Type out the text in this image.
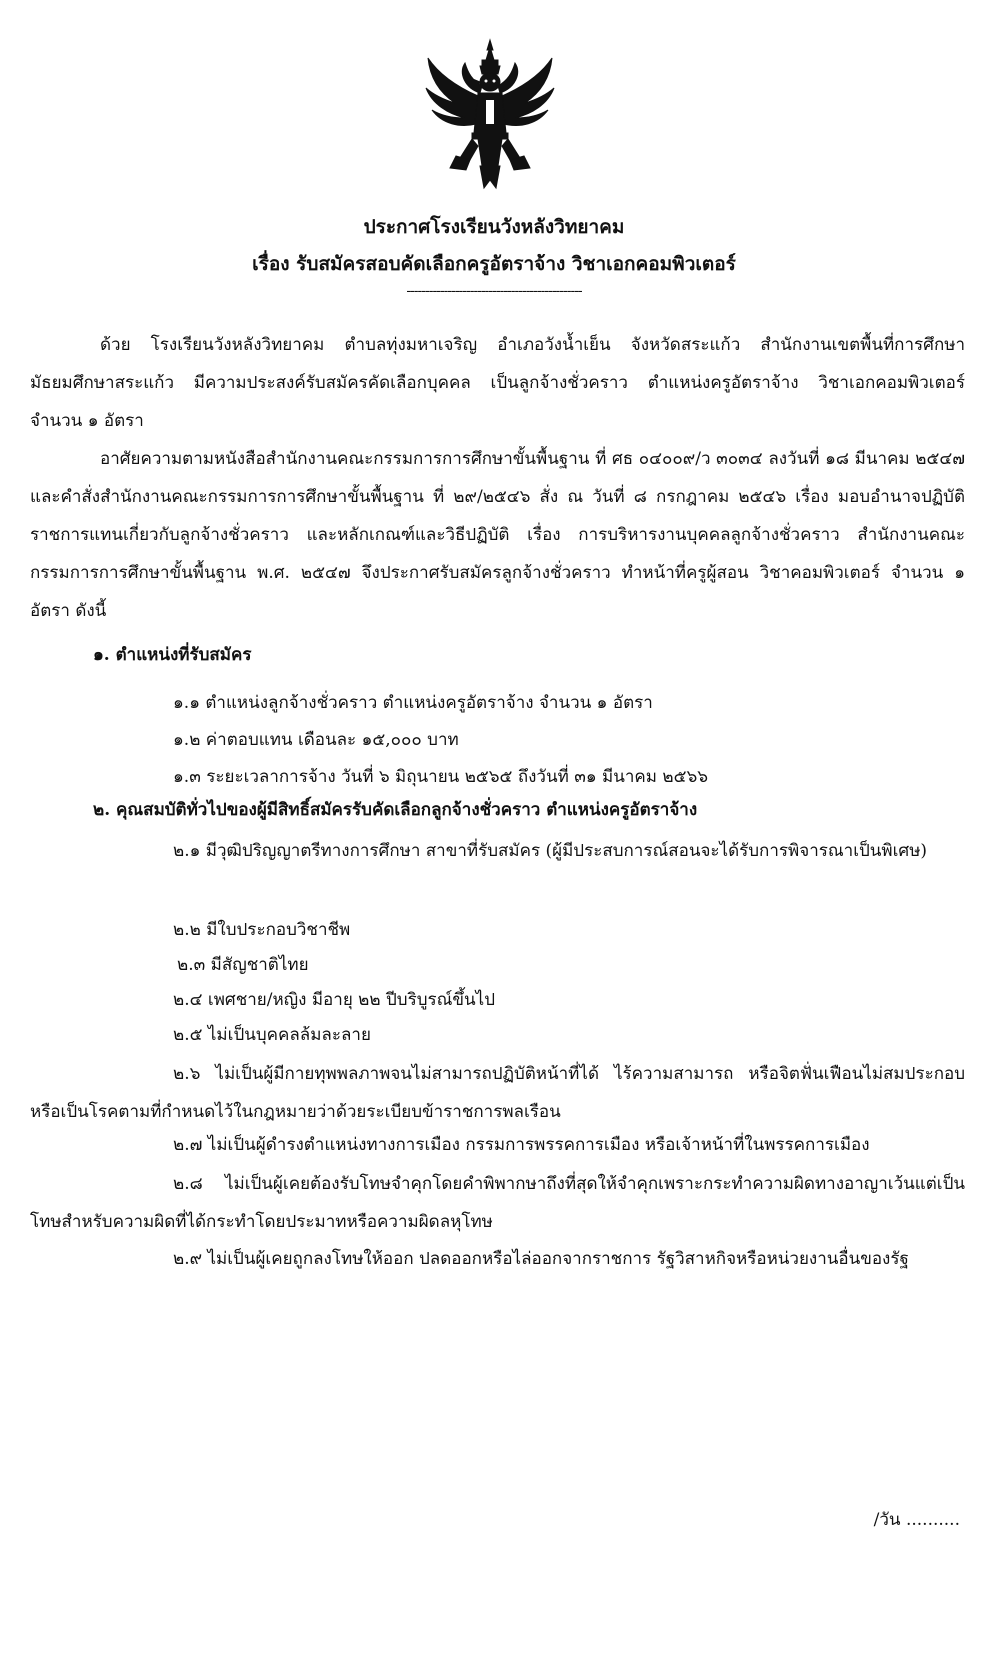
ประกาศโรงเรียนวังหลังวิทยาคม
เรื่อง รับสมัครสอบคัดเลือกครูอัตราจ้าง วิชาเอกคอมพิวเตอร์
-----------------------------------------------

ด้วย โรงเรียนวังหลังวิทยาคม ตำบลทุ่งมหาเจริญ อำเภอวังน้ำเย็น จังหวัดสระแก้ว สำนักงานเขตพื้นที่การศึกษามัธยมศึกษาสระแก้ว มีความประสงค์รับสมัครคัดเลือกบุคคล เป็นลูกจ้างชั่วคราว ตำแหน่งครูอัตราจ้าง วิชาเอกคอมพิวเตอร์ จำนวน ๑ อัตรา

อาศัยความตามหนังสือสำนักงานคณะกรรมการการศึกษาขั้นพื้นฐาน ที่ ศธ ๐๔๐๐๙/ว ๓๐๓๔ ลงวันที่ ๑๘ มีนาคม ๒๕๔๗ และคำสั่งสำนักงานคณะกรรมการการศึกษาขั้นพื้นฐาน ที่ ๒๙/๒๕๔๖ สั่ง ณ วันที่ ๘ กรกฎาคม ๒๕๔๖ เรื่อง มอบอำนาจปฏิบัติราชการแทนเกี่ยวกับลูกจ้างชั่วคราว และหลักเกณฑ์และวิธีปฏิบัติ เรื่อง การบริหารงานบุคคลลูกจ้างชั่วคราว สำนักงานคณะกรรมการการศึกษาขั้นพื้นฐาน พ.ศ. ๒๕๔๗ จึงประกาศรับสมัครลูกจ้างชั่วคราว ทำหน้าที่ครูผู้สอน วิชาคอมพิวเตอร์ จำนวน ๑ อัตรา ดังนี้

๑. ตำแหน่งที่รับสมัคร
๑.๑ ตำแหน่งลูกจ้างชั่วคราว ตำแหน่งครูอัตราจ้าง จำนวน ๑ อัตรา
๑.๒ ค่าตอบแทน เดือนละ ๑๕,๐๐๐ บาท
๑.๓ ระยะเวลาการจ้าง วันที่ ๖ มิถุนายน ๒๕๖๕ ถึงวันที่ ๓๑ มีนาคม ๒๕๖๖
๒. คุณสมบัติทั่วไปของผู้มีสิทธิ์สมัครรับคัดเลือกลูกจ้างชั่วคราว ตำแหน่งครูอัตราจ้าง

๒.๑ มีวุฒิปริญญาตรีทางการศึกษา สาขาที่รับสมัคร (ผู้มีประสบการณ์สอนจะได้รับการพิจารณาเป็นพิเศษ)

๒.๒ มีใบประกอบวิชาชีพ
๒.๓ มีสัญชาติไทย
๒.๔ เพศชาย/หญิง มีอายุ ๒๒ ปีบริบูรณ์ขึ้นไป
๒.๕ ไม่เป็นบุคคลล้มละลาย

๒.๖ ไม่เป็นผู้มีกายทุพพลภาพจนไม่สามารถปฏิบัติหน้าที่ได้ ไร้ความสามารถ หรือจิตฟั่นเฟือนไม่สมประกอบ หรือเป็นโรคตามที่กำหนดไว้ในกฎหมายว่าด้วยระเบียบข้าราชการพลเรือน

๒.๗ ไม่เป็นผู้ดำรงตำแหน่งทางการเมือง กรรมการพรรคการเมือง หรือเจ้าหน้าที่ในพรรคการเมือง

๒.๘ ไม่เป็นผู้เคยต้องรับโทษจำคุกโดยคำพิพากษาถึงที่สุดให้จำคุกเพราะกระทำความผิดทางอาญาเว้นแต่เป็นโทษสำหรับความผิดที่ได้กระทำโดยประมาทหรือความผิดลหุโทษ

๒.๙ ไม่เป็นผู้เคยถูกลงโทษให้ออก ปลดออกหรือไล่ออกจากราชการ รัฐวิสาหกิจหรือหน่วยงานอื่นของรัฐ

/วัน ..........
